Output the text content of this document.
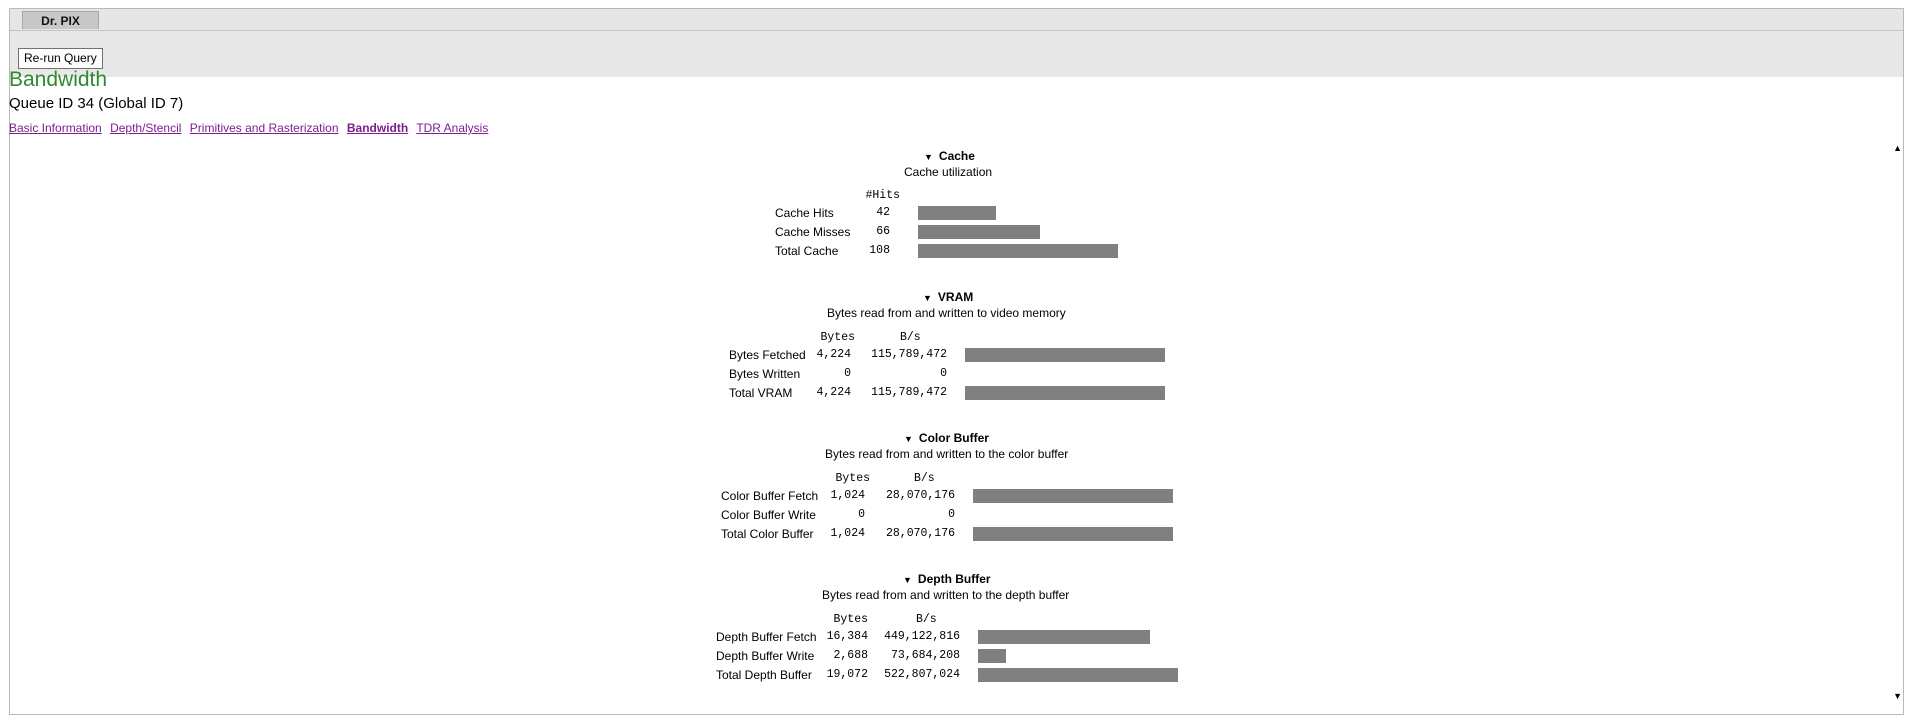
Dr. PIX
Re-run Query
Bandwidth
Queue ID 34 (Global ID 7)
Basic Information Depth/Stencil Primitives and Rasterization Bandwidth TDR Analysis
▲
▼
▼ Cache
Cache utilization
#Hits
Cache Hits	42
Cache Misses	66
Total Cache	108
▼ VRAM
Bytes read from and written to video memory
Bytes	B/s
Bytes Fetched 4,224	115,789,472
Bytes Written	0	0
Total VRAM	4,224	115,789,472
▼ Color Buffer
Bytes read from and written to the color buffer
Bytes	B/s
Color Buffer Fetch	1,024	28,070,176
Color Buffer Write	0	0
Total Color Buffer	1,024	28,070,176
▼ Depth Buffer
Bytes read from and written to the depth buffer
Bytes	B/s
Depth Buffer Fetch 16,384	449,122,816
Depth Buffer Write	2,688	73,684,208
Total Depth Buffer	19,072	522,807,024
